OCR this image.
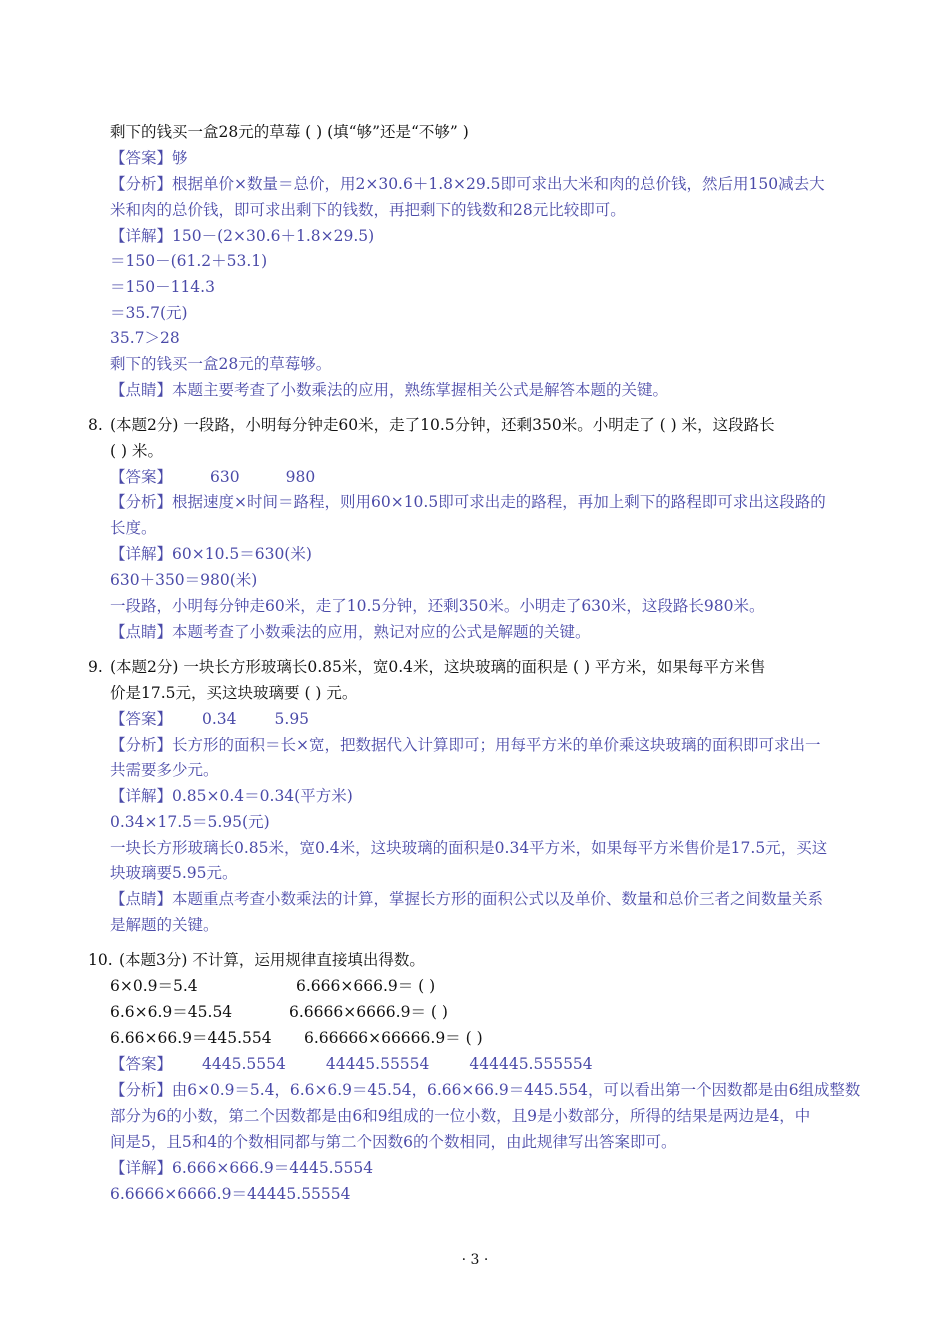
剩下的钱买一盒28元的草莓 ( ) (填“够”还是“不够” )
【答案】够
【分析】根据单价×数量＝总价，用2×30.6＋1.8×29.5即可求出大米和肉的总价钱，然后用150减去大
米和肉的总价钱，即可求出剩下的钱数，再把剩下的钱数和28元比较即可。
【详解】150－(2×30.6＋1.8×29.5)
＝150－(61.2＋53.1)
＝150－114.3
＝35.7(元)
35.7＞28
剩下的钱买一盒28元的草莓够。
【点睛】本题主要考查了小数乘法的应用，熟练掌握相关公式是解答本题的关键。
8. (本题2分) 一段路，小明每分钟走60米，走了10.5分钟，还剩350米。小明走了 ( ) 米，这段路长
( ) 米。
【答案】 630	980
【分析】根据速度×时间＝路程，则用60×10.5即可求出走的路程，再加上剩下的路程即可求出这段路的
长度。
【详解】60×10.5＝630(米)
630＋350＝980(米)
一段路，小明每分钟走60米，走了10.5分钟，还剩350米。小明走了630米，这段路长980米。
【点睛】本题考查了小数乘法的应用，熟记对应的公式是解题的关键。
9. (本题2分) 一块长方形玻璃长0.85米，宽0.4米，这块玻璃的面积是 ( ) 平方米，如果每平方米售
价是17.5元，买这块玻璃要 ( ) 元。
【答案】 0.34 5.95
【分析】长方形的面积＝长×宽，把数据代入计算即可；用每平方米的单价乘这块玻璃的面积即可求出一
共需要多少元。
【详解】0.85×0.4＝0.34(平方米)
0.34×17.5＝5.95(元)
一块长方形玻璃长0.85米，宽0.4米，这块玻璃的面积是0.34平方米，如果每平方米售价是17.5元，买这
块玻璃要5.95元。
【点睛】本题重点考查小数乘法的计算，掌握长方形的面积公式以及单价、数量和总价三者之间数量关系
是解题的关键。
10. (本题3分) 不计算，运用规律直接填出得数。
6×0.9＝5.4	6.666×666.9＝ ( )
6.6×6.9＝45.54	6.6666×6666.9＝ ( )
6.66×66.9＝445.554 6.66666×66666.9＝ ( )
【答案】 4445.5554	44445.55554	444445.555554
【分析】由6×0.9＝5.4，6.6×6.9＝45.54，6.66×66.9＝445.554，可以看出第一个因数都是由6组成整数
部分为6的小数，第二个因数都是由6和9组成的一位小数，且9是小数部分，所得的结果是两边是4，中
间是5，且5和4的个数相同都与第二个因数6的个数相同，由此规律写出答案即可。
【详解】6.666×666.9＝4445.5554
6.6666×6666.9＝44445.55554
· 3 ·
